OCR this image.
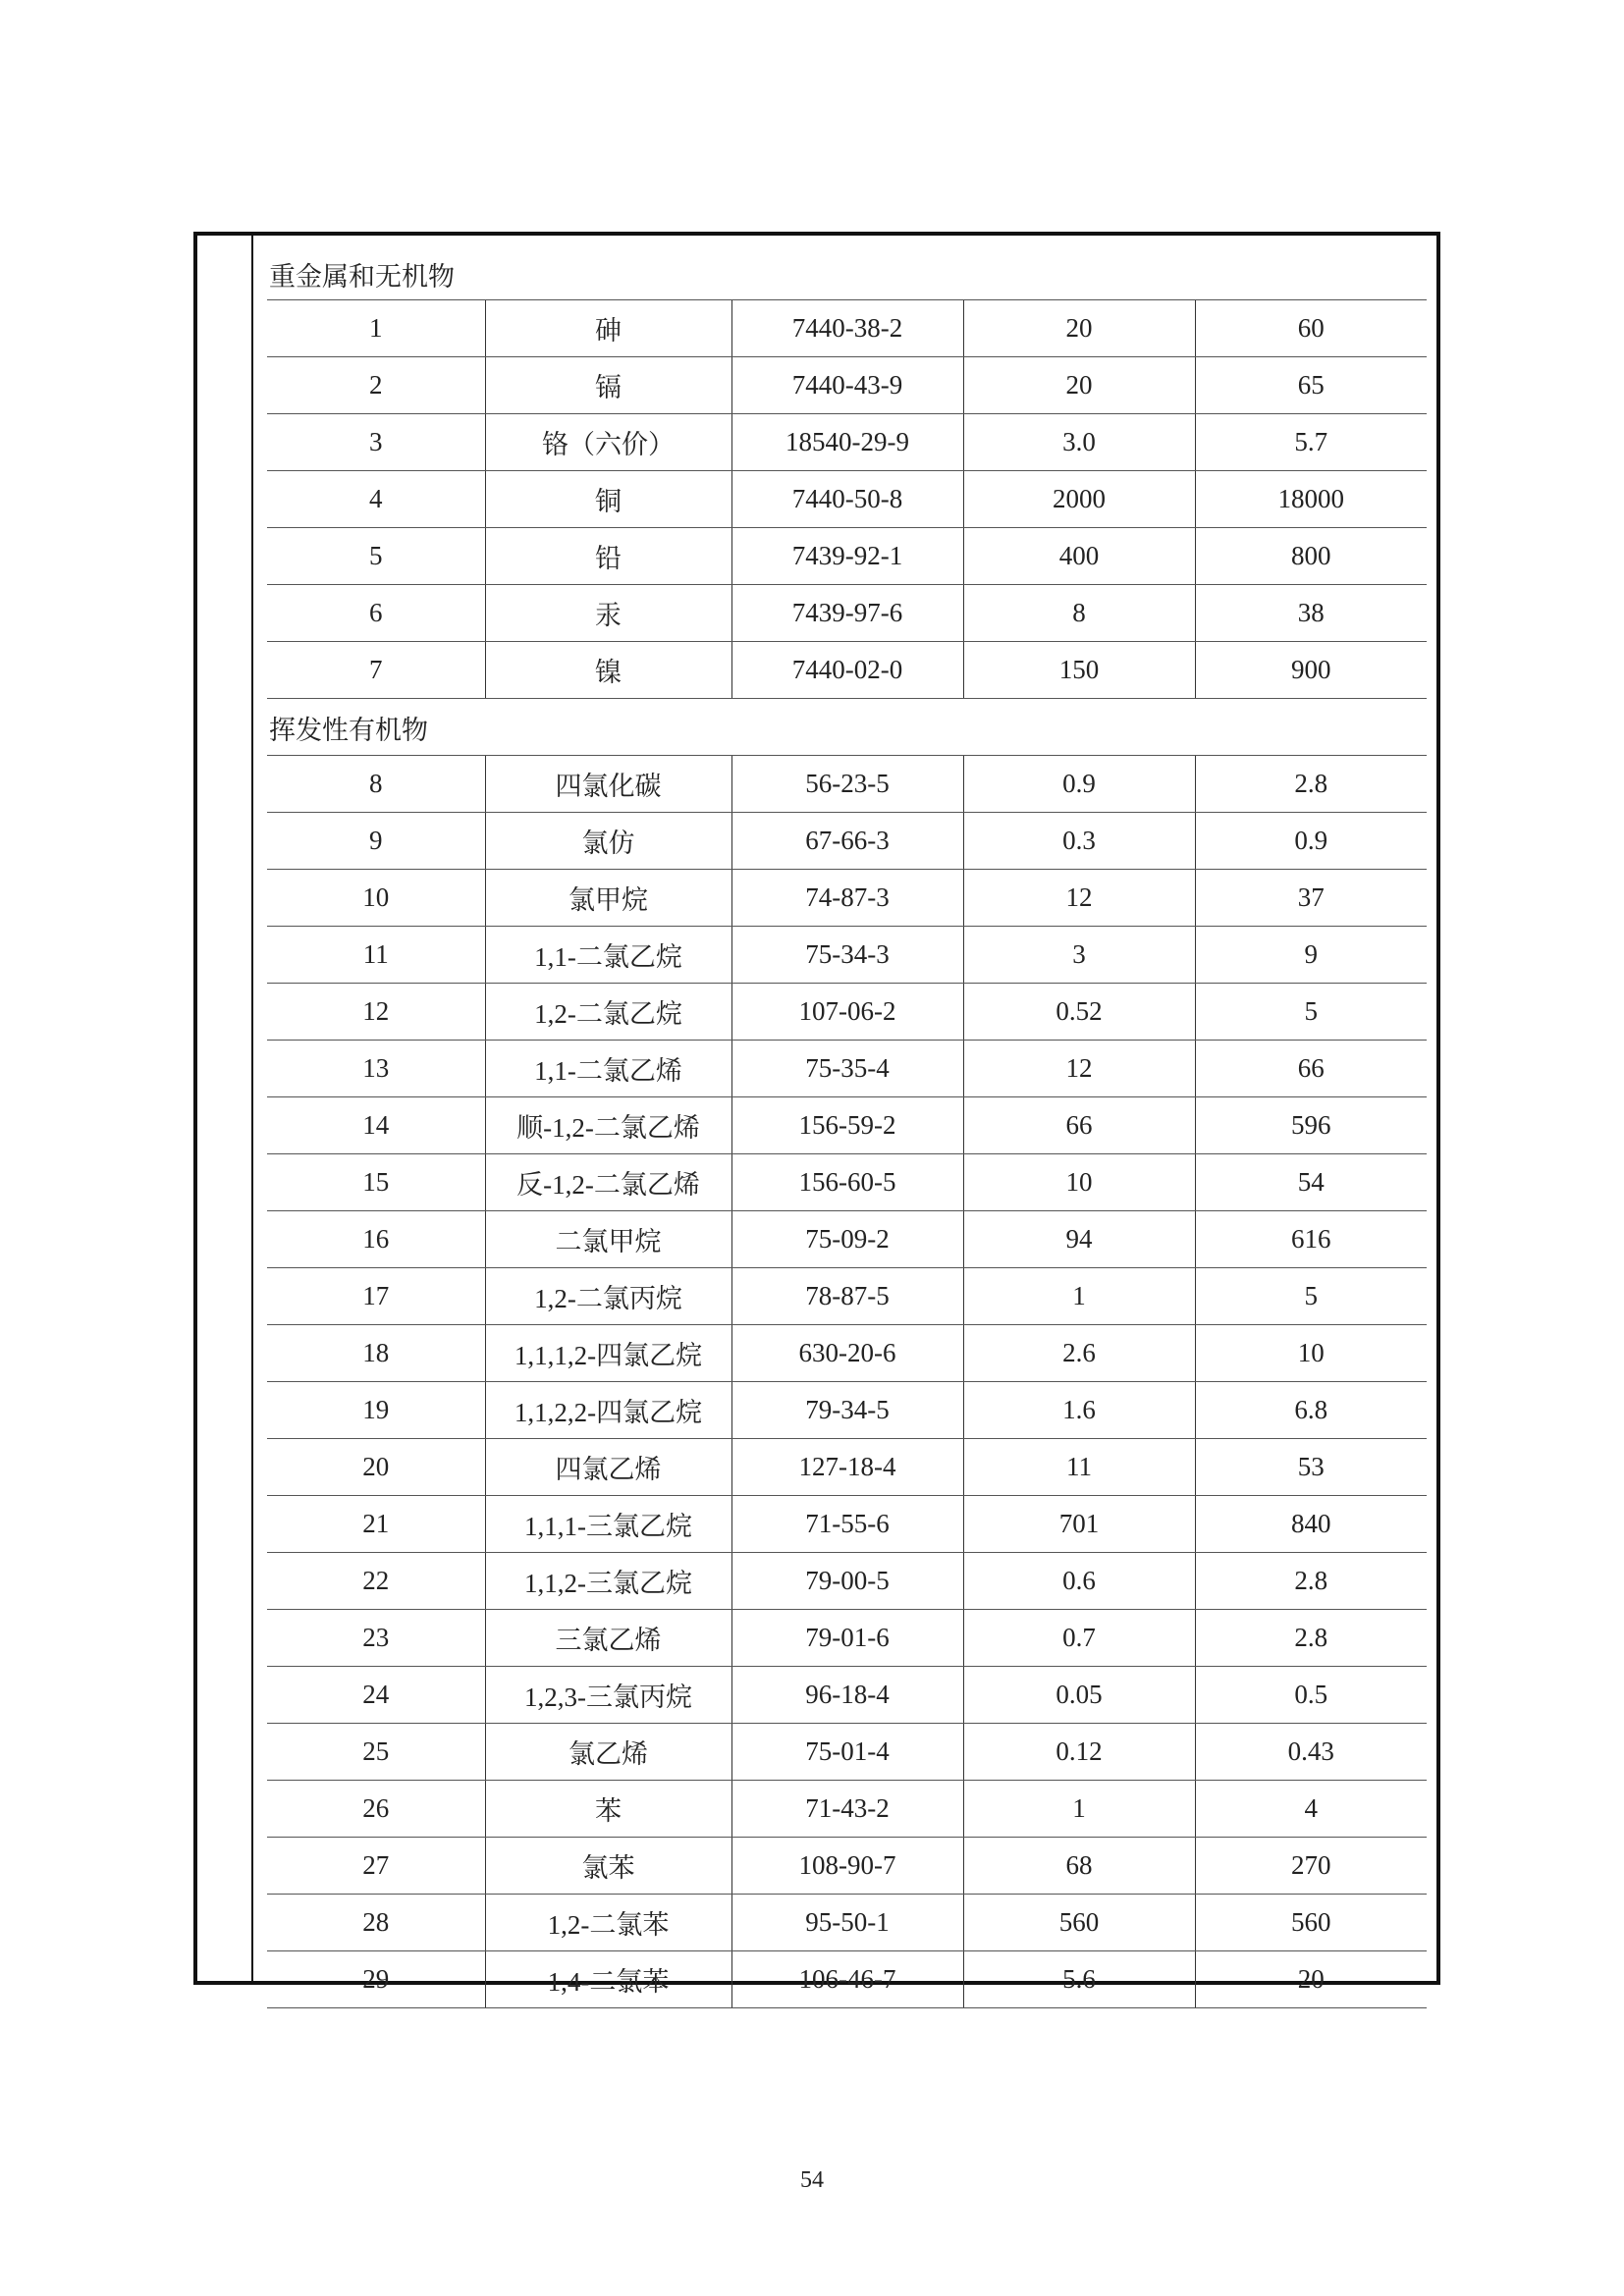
重金属和无机物
1	砷	7440-38-2	20	60
2	镉	7440-43-9	20	65
3	铬（六价）	18540-29-9	3.0	5.7
4	铜	7440-50-8	2000	18000
5	铅	7439-92-1	400	800
6	汞	7439-97-6	8	38
7	镍	7440-02-0	150	900
挥发性有机物
8	四氯化碳	56-23-5	0.9	2.8
9	氯仿	67-66-3	0.3	0.9
10	氯甲烷	74-87-3	12	37
11	1,1-二氯乙烷	75-34-3	3	9
12	1,2-二氯乙烷	107-06-2	0.52	5
13	1,1-二氯乙烯	75-35-4	12	66
14	顺-1,2-二氯乙烯	156-59-2	66	596
15	反-1,2-二氯乙烯	156-60-5	10	54
16	二氯甲烷	75-09-2	94	616
17	1,2-二氯丙烷	78-87-5	1	5
18	1,1,1,2-四氯乙烷	630-20-6	2.6	10
19	1,1,2,2-四氯乙烷	79-34-5	1.6	6.8
20	四氯乙烯	127-18-4	11	53
21	1,1,1-三氯乙烷	71-55-6	701	840
22	1,1,2-三氯乙烷	79-00-5	0.6	2.8
23	三氯乙烯	79-01-6	0.7	2.8
24	1,2,3-三氯丙烷	96-18-4	0.05	0.5
25	氯乙烯	75-01-4	0.12	0.43
26	苯	71-43-2	1	4
27	氯苯	108-90-7	68	270
28	1,2-二氯苯	95-50-1	560	560
29	1,4-二氯苯	106-46-7	5.6	20
54
